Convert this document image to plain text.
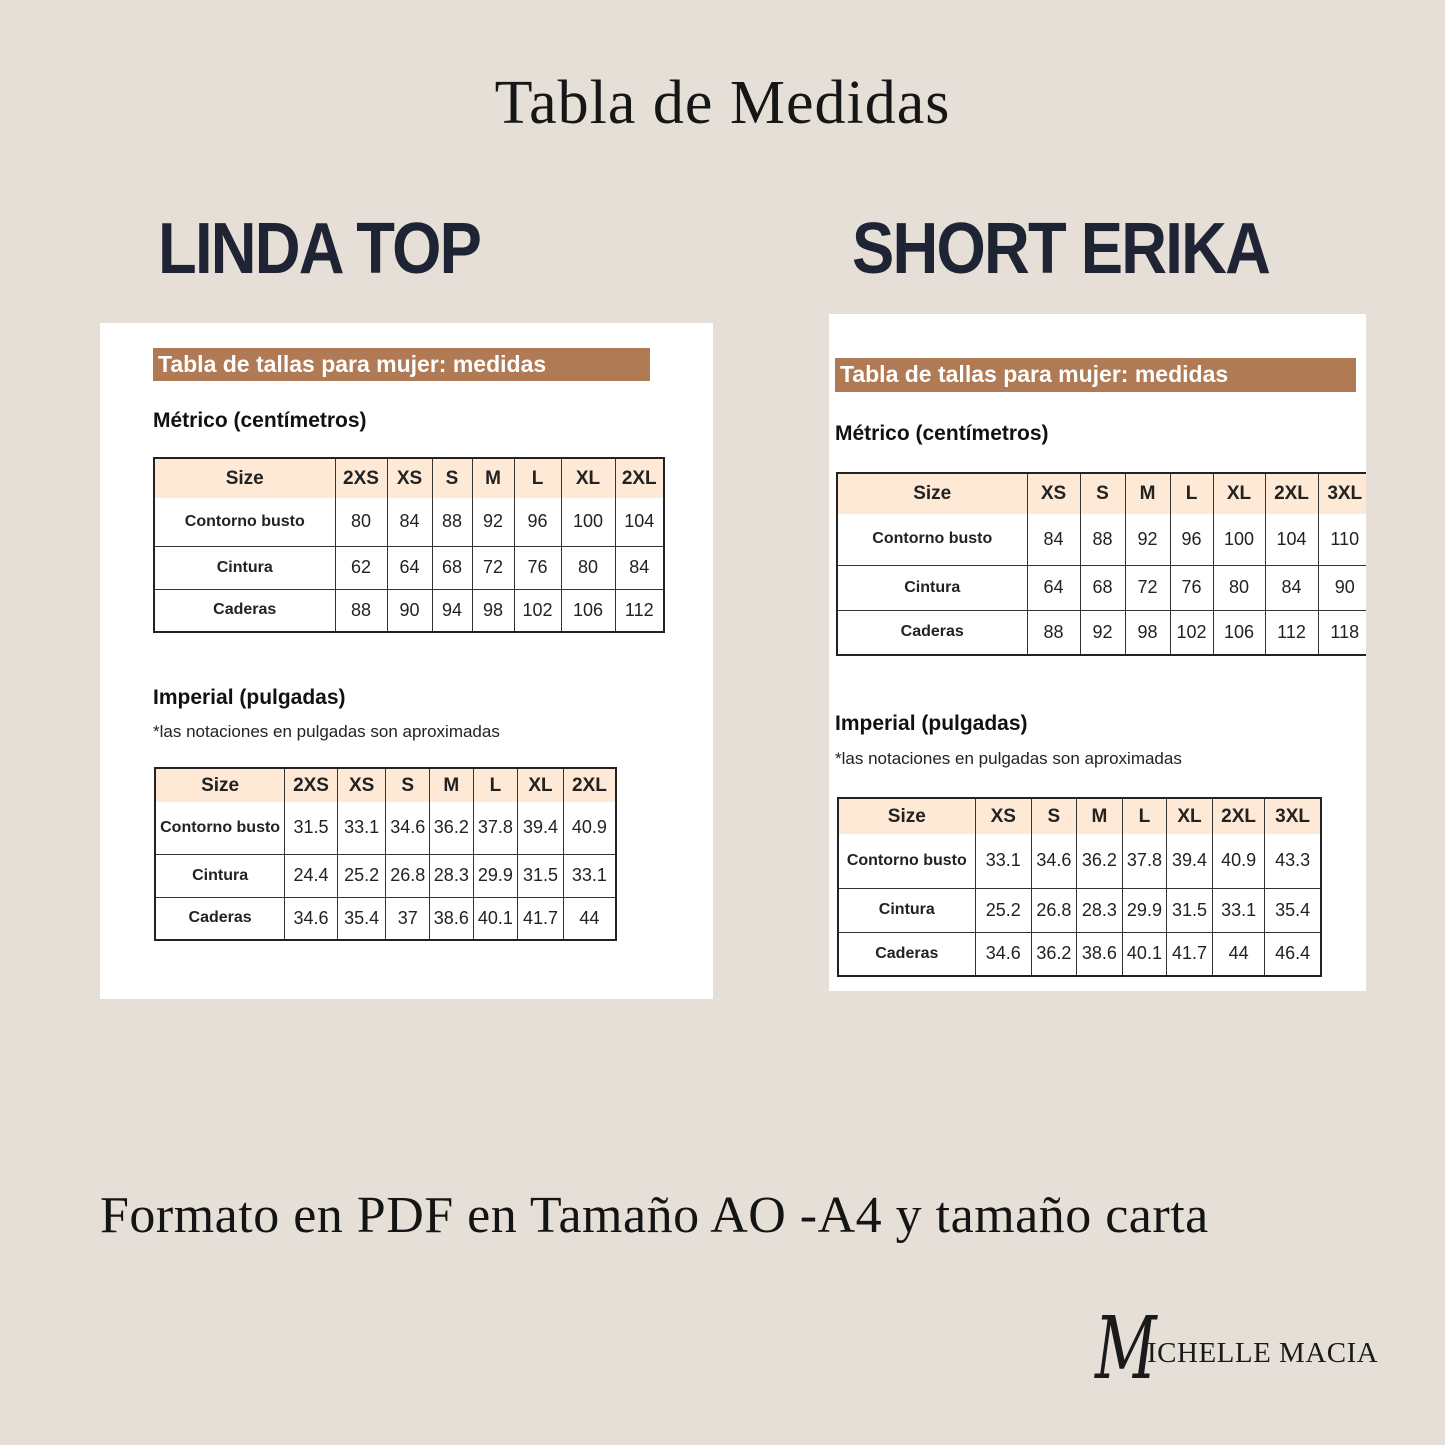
Tabla de Medidas
LINDA TOP	SHORT ERIKA
Tabla de tallas para mujer: medidas
Métrico (centímetros)
Size	2XS	XS	S	M	L	XL	2XL
Contorno busto	80	84	88	92	96	100	104
Cintura	62	64	68	72	76	80	84
Caderas	88	90	94	98	102	106	112
Imperial (pulgadas)
*las notaciones en pulgadas son aproximadas
Size	2XS	XS	S	M	L	XL	2XL
Contorno busto	31.5	33.1	34.6	36.2	37.8	39.4	40.9
Cintura	24.4	25.2	26.8	28.3	29.9	31.5	33.1
Caderas	34.6	35.4	37	38.6	40.1	41.7	44
Tabla de tallas para mujer: medidas
Métrico (centímetros)
Size	XS	S	M	L	XL	2XL	3XL
Contorno busto	84	88	92	96	100	104	110
Cintura	64	68	72	76	80	84	90
Caderas	88	92	98	102	106	112	118
Imperial (pulgadas)
*las notaciones en pulgadas son aproximadas
Size	XS	S	M	L	XL	2XL	3XL
Contorno busto	33.1	34.6	36.2	37.8	39.4	40.9	43.3
Cintura	25.2	26.8	28.3	29.9	31.5	33.1	35.4
Caderas	34.6	36.2	38.6	40.1	41.7	44	46.4
Formato en PDF en Tamaño AO -A4 y tamaño carta
M
ICHELLE MACIA
